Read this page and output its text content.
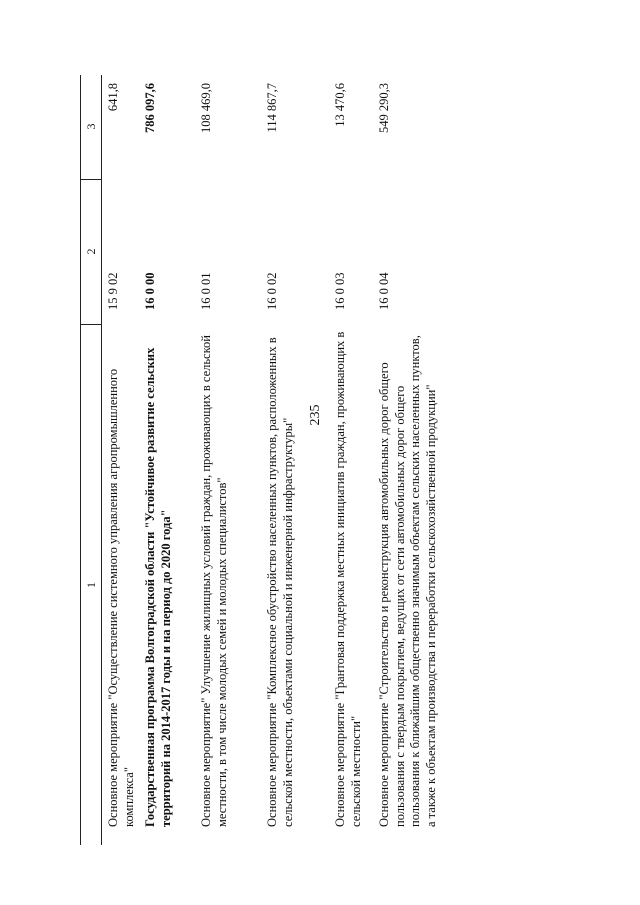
235
1
2
3
Основное мероприятие "Осуществление системного управления агропромышленного комплекса"
15 9 02
641,8
Государственная программа Волгоградской области "Устойчивое развитие сельских территорий на 2014-2017 годы и на период до 2020 года"
16 0 00
786 097,6
Основное мероприятие" Улучшение жилищных условий граждан, проживающих в сельской местности, в том числе молодых семей и молодых специалистов"
16 0 01
108 469,0
Основное мероприятие "Комплексное обустройство населенных пунктов, расположенных в сельской местности, объектами социальной и инженерной инфраструктуры"
16 0 02
114 867,7
Основное мероприятие "Грантовая поддержка местных инициатив граждан, проживающих в сельской местности"
16 0 03
13 470,6
Основное мероприятие "Строительство и реконструкция автомобильных дорог общего пользования с твердым покрытием, ведущих от сети автомобильных дорог общего пользования к ближайшим общественно значимым объектам сельских населенных пунктов, а также к объектам производства и переработки сельскохозяйственной продукции"
16 0 04
549 290,3
